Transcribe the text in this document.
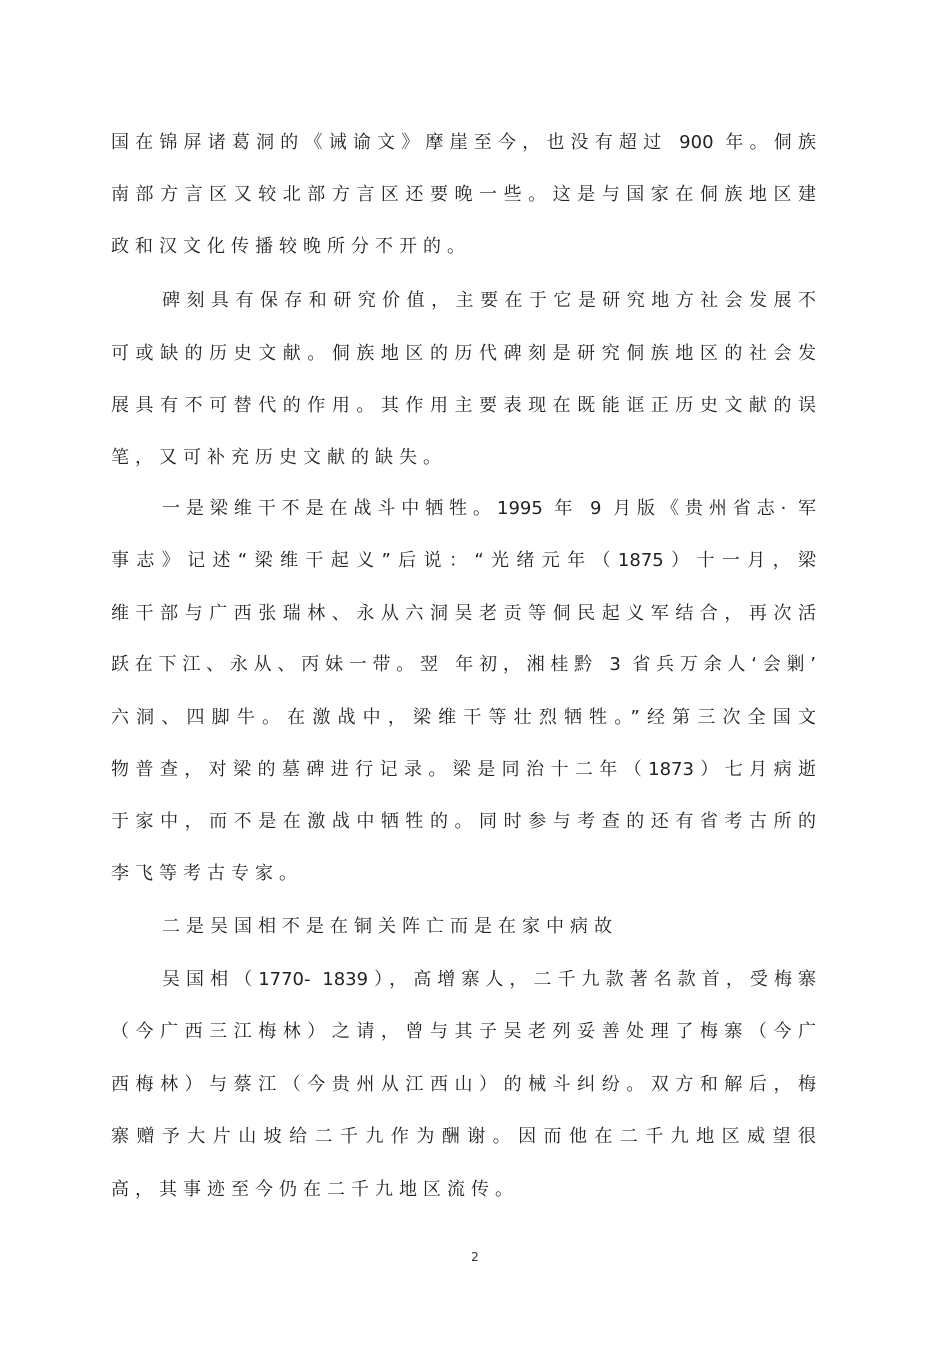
国在锦屏诸葛洞的《诫谕文》摩崖至今，也没有超过 900 年。侗族
南部方言区又较北部方言区还要晚一些。这是与国家在侗族地区建
政和汉文化传播较晚所分不开的。
碑刻具有保存和研究价值，主要在于它是研究地方社会发展不
可或缺的历史文献。侗族地区的历代碑刻是研究侗族地区的社会发
展具有不可替代的作用。其作用主要表现在既能诓正历史文献的误
笔，又可补充历史文献的缺失。
一是梁维干不是在战斗中牺牲。1995 年 9 月版《贵州省志· 军
事志》记述“梁维干起义”后说：“光绪元年（1875）十一月，梁
维干部与广西张瑞林、永从六洞吴老贡等侗民起义军结合，再次活
跃在下江、永从、丙妹一带。翌 年初，湘桂黔 3 省兵万余人‘会剿’
六洞、四脚牛。在激战中，梁维干等壮烈牺牲。”经第三次全国文
物普查，对梁的墓碑进行记录。梁是同治十二年（1873）七月病逝
于家中，而不是在激战中牺牲的。同时参与考查的还有省考古所的
李飞等考古专家。
二是吴国相不是在铜关阵亡而是在家中病故
吴国相（1770- 1839），高增寨人，二千九款著名款首，受梅寨
（今广西三江梅林）之请，曾与其子吴老列妥善处理了梅寨（今广
西梅林）与蔡江（今贵州从江西山）的械斗纠纷。双方和解后，梅
寨赠予大片山坡给二千九作为酬谢。因而他在二千九地区威望很
高，其事迹至今仍在二千九地区流传。
2
